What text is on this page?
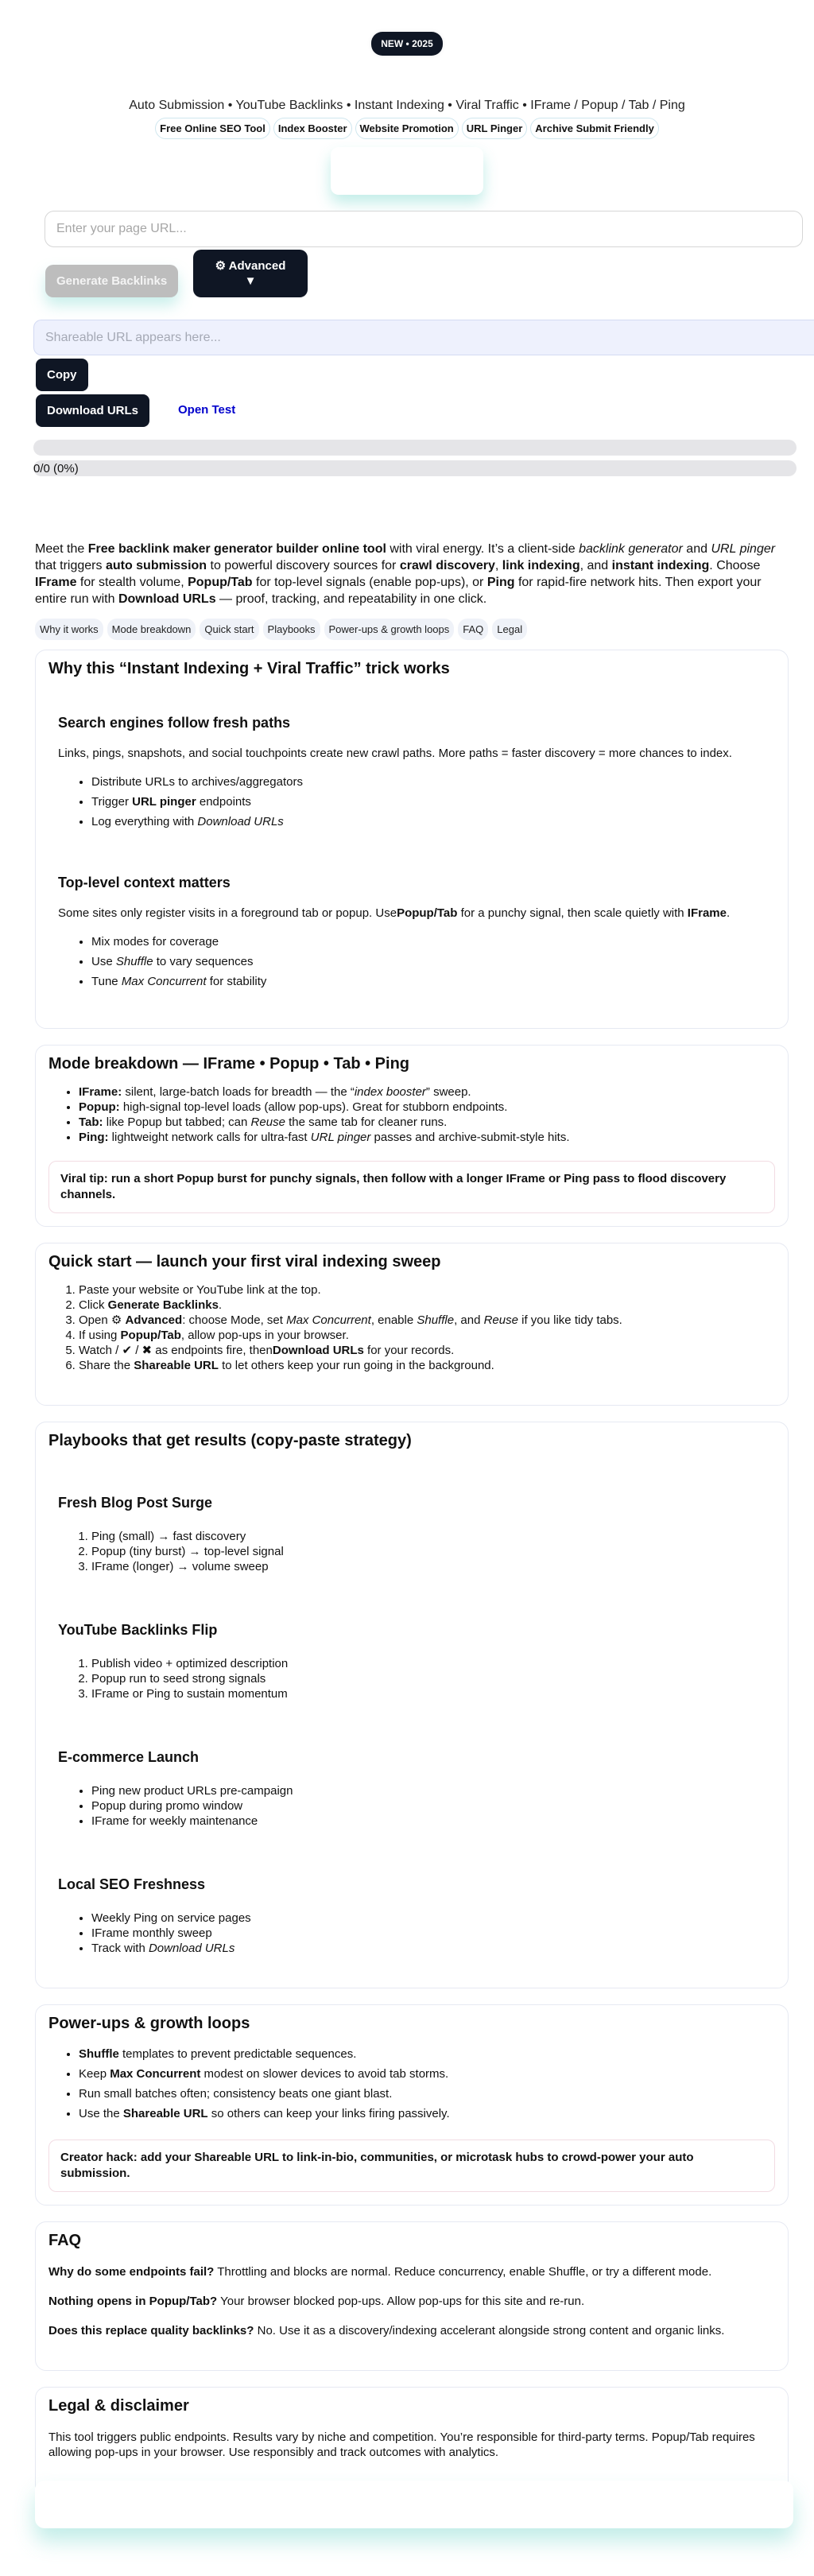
NEW • 2025
Auto Submission • YouTube Backlinks • Instant Indexing • Viral Traffic • IFrame / Popup / Tab / Ping
Free Online SEO Tool	Index Booster	Website Promotion	URL Pinger	Archive Submit Friendly
Enter your page URL...
Generate Backlinks
⚙ Advanced
▼
Shareable URL appears here...
Copy
Download URLs	Open Test
0/0 (0%)

Meet the Free backlink maker generator builder online tool with viral energy. It’s a client-side backlink generator and URL pinger that triggers auto submission to powerful discovery sources for crawl discovery, link indexing, and instant indexing. Choose IFrame for stealth volume, Popup/Tab for top-level signals (enable pop-ups), or Ping for rapid-fire network hits. Then export your entire run with Download URLs — proof, tracking, and repeatability in one click.

Why it works	Mode breakdown	Quick start	Playbooks	Power-ups & growth loops	FAQ	Legal
Why this “Instant Indexing + Viral Traffic” trick works
Search engines follow fresh paths

Links, pings, snapshots, and social touchpoints create new crawl paths. More paths = faster discovery = more chances to index.

• Distribute URLs to archives/aggregators
• Trigger URL pinger endpoints
• Log everything with Download URLs
Top-level context matters

Some sites only register visits in a foreground tab or popup. UsePopup/Tab for a punchy signal, then scale quietly with IFrame.

• Mix modes for coverage
• Use Shuffle to vary sequences
• Tune Max Concurrent for stability
Mode breakdown — IFrame • Popup • Tab • Ping
• IFrame: silent, large-batch loads for breadth — the “index booster” sweep.
• Popup: high-signal top-level loads (allow pop-ups). Great for stubborn endpoints.
• Tab: like Popup but tabbed; can Reuse the same tab for cleaner runs.
• Ping: lightweight network calls for ultra-fast URL pinger passes and archive-submit-style hits.
Viral tip: run a short Popup burst for punchy signals, then follow with a longer IFrame or Ping pass to flood discovery channels.
Quick start — launch your first viral indexing sweep
1. Paste your website or YouTube link at the top.
2. Click Generate Backlinks.
3. Open ⚙ Advanced: choose Mode, set Max Concurrent, enable Shuffle, and Reuse if you like tidy tabs.
4. If using Popup/Tab, allow pop-ups in your browser.
5. Watch / ✔ / ✖ as endpoints fire, thenDownload URLs for your records.
6. Share the Shareable URL to let others keep your run going in the background.
Playbooks that get results (copy-paste strategy)
Fresh Blog Post Surge
1. Ping (small) → fast discovery
2. Popup (tiny burst) → top-level signal
3. IFrame (longer) → volume sweep
YouTube Backlinks Flip
1. Publish video + optimized description
2. Popup run to seed strong signals
3. IFrame or Ping to sustain momentum
E-commerce Launch
• Ping new product URLs pre-campaign
• Popup during promo window
• IFrame for weekly maintenance
Local SEO Freshness
• Weekly Ping on service pages
• IFrame monthly sweep
• Track with Download URLs
Power-ups & growth loops
• Shuffle templates to prevent predictable sequences.
• Keep Max Concurrent modest on slower devices to avoid tab storms.
• Run small batches often; consistency beats one giant blast.
• Use the Shareable URL so others can keep your links firing passively.
Creator hack: add your Shareable URL to link-in-bio, communities, or microtask hubs to crowd-power your auto submission.
FAQ

Why do some endpoints fail? Throttling and blocks are normal. Reduce concurrency, enable Shuffle, or try a different mode.

Nothing opens in Popup/Tab? Your browser blocked pop-ups. Allow pop-ups for this site and re-run.

Does this replace quality backlinks? No. Use it as a discovery/indexing accelerant alongside strong content and organic links.

Legal & disclaimer

This tool triggers public endpoints. Results vary by niche and competition. You’re responsible for third-party terms. Popup/Tab requires allowing pop-ups in your browser. Use responsibly and track outcomes with analytics.
